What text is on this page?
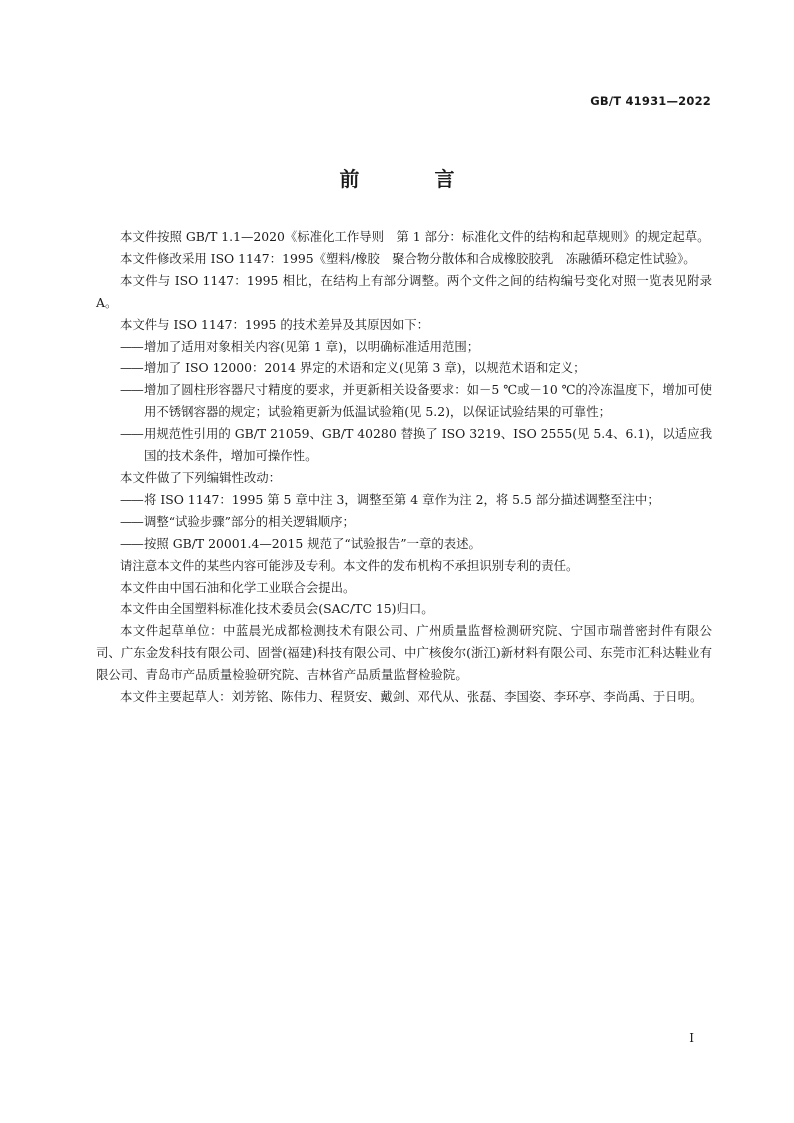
GB/T 41931—2022
前 言
本文件按照 GB/T 1.1—2020《标准化工作导则　第 1 部分：标准化文件的结构和起草规则》的规定起草。
本文件修改采用 ISO 1147：1995《塑料/橡胶　聚合物分散体和合成橡胶胶乳　冻融循环稳定性试验》。
本文件与 ISO 1147：1995 相比，在结构上有部分调整。两个文件之间的结构编号变化对照一览表见附录 A。
本文件与 ISO 1147：1995 的技术差异及其原因如下：
——增加了适用对象相关内容(见第 1 章)，以明确标准适用范围；
——增加了 ISO 12000：2014 界定的术语和定义(见第 3 章)，以规范术语和定义；
——增加了圆柱形容器尺寸精度的要求，并更新相关设备要求：如－5 ℃或－10 ℃的冷冻温度下，增加可使用不锈钢容器的规定；试验箱更新为低温试验箱(见 5.2)，以保证试验结果的可靠性；
——用规范性引用的 GB/T 21059、GB/T 40280 替换了 ISO 3219、ISO 2555(见 5.4、6.1)，以适应我国的技术条件，增加可操作性。
本文件做了下列编辑性改动：
——将 ISO 1147：1995 第 5 章中注 3，调整至第 4 章作为注 2，将 5.5 部分描述调整至注中；
——调整“试验步骤”部分的相关逻辑顺序；
——按照 GB/T 20001.4—2015 规范了“试验报告”一章的表述。
请注意本文件的某些内容可能涉及专利。本文件的发布机构不承担识别专利的责任。
本文件由中国石油和化学工业联合会提出。
本文件由全国塑料标准化技术委员会(SAC/TC 15)归口。
本文件起草单位：中蓝晨光成都检测技术有限公司、广州质量监督检测研究院、宁国市瑞普密封件有限公司、广东金发科技有限公司、固誉(福建)科技有限公司、中广核俊尔(浙江)新材料有限公司、东莞市汇科达鞋业有限公司、青岛市产品质量检验研究院、吉林省产品质量监督检验院。
本文件主要起草人：刘芳铭、陈伟力、程贤安、戴剑、邓代从、张磊、李国姿、李环亭、李尚禹、于日明。
I
